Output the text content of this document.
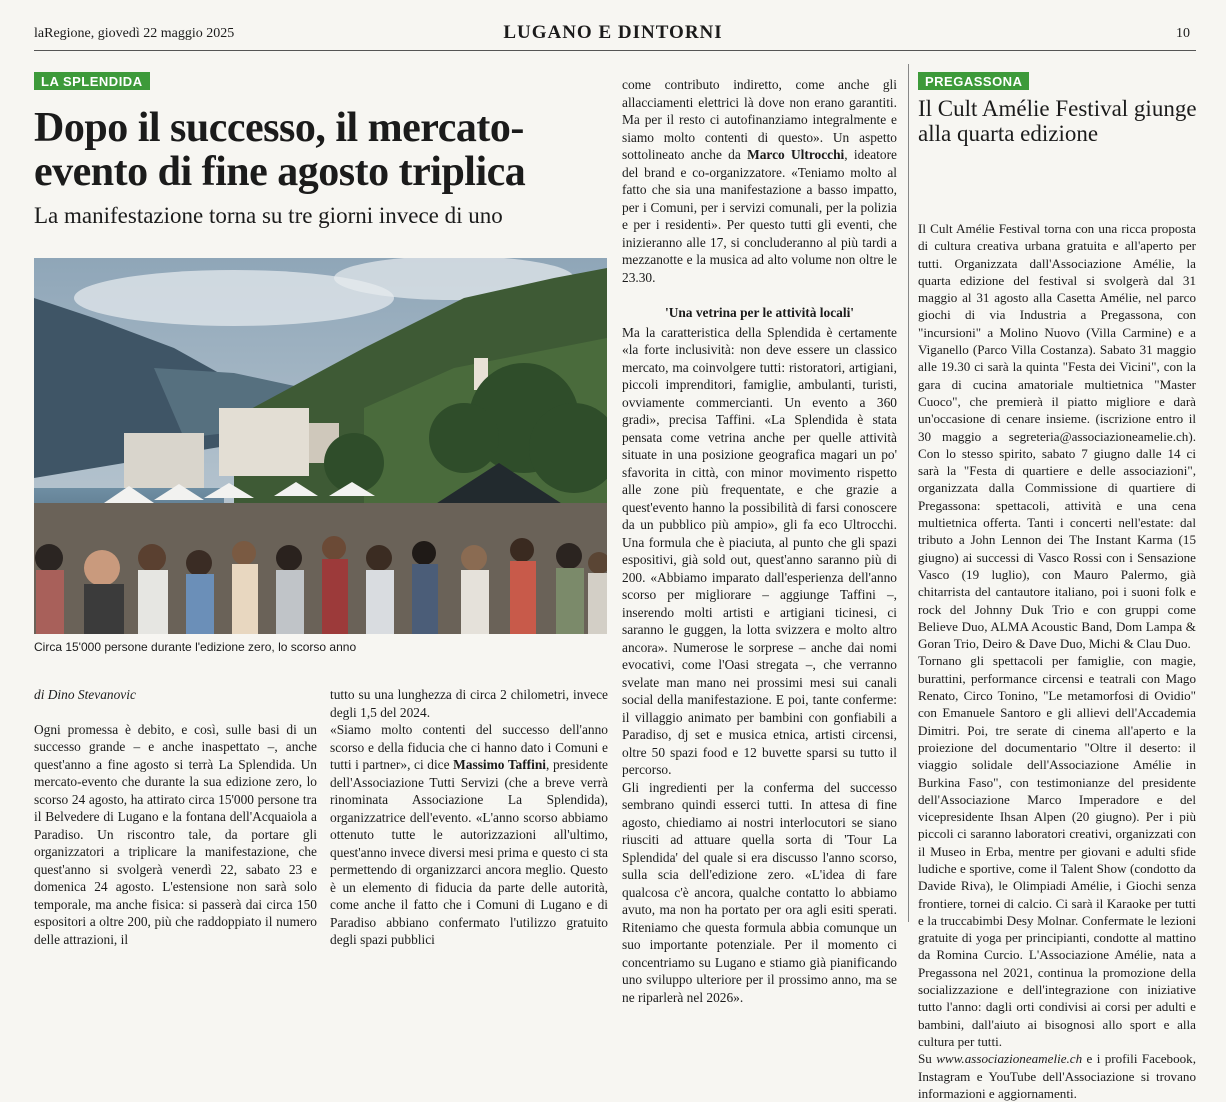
laRegione, giovedì 22 maggio 2025	LUGANO E DINTORNI	10
LA SPLENDIDA
Dopo il successo, il mercato-evento di fine agosto triplica
La manifestazione torna su tre giorni invece di uno
Circa 15'000 persone durante l'edizione zero, lo scorso anno

di Dino Stevanovic

Ogni promessa è debito, e così, sulle basi di un successo grande – e anche inaspettato –, anche quest'anno a fine agosto si terrà La Splendida. Un mercato-evento che durante la sua edizione zero, lo scorso 24 agosto, ha attirato circa 15'000 persone tra il Belvedere di Lugano e la fontana dell'Acquaiola a Paradiso. Un riscontro tale, da portare gli organizzatori a triplicare la manifestazione, che quest'anno si svolgerà venerdì 22, sabato 23 e domenica 24 agosto. L'estensione non sarà solo temporale, ma anche fisica: si passerà dai circa 150 espositori a oltre 200, più che raddoppiato il numero delle attrazioni, il

tutto su una lunghezza di circa 2 chilometri, invece degli 1,5 del 2024.

«Siamo molto contenti del successo dell'anno scorso e della fiducia che ci hanno dato i Comuni e tutti i partner», ci dice Massimo Taffini, presidente dell'Associazione Tutti Servizi (che a breve verrà rinominata Associazione La Splendida), organizzatrice dell'evento. «L'anno scorso abbiamo ottenuto tutte le autorizzazioni all'ultimo, quest'anno invece diversi mesi prima e questo ci sta permettendo di organizzarci ancora meglio. Questo è un elemento di fiducia da parte delle autorità, come anche il fatto che i Comuni di Lugano e di Paradiso abbiano confermato l'utilizzo gratuito degli spazi pubblici

come contributo indiretto, come anche gli allacciamenti elettrici là dove non erano garantiti. Ma per il resto ci autofinanziamo integralmente e siamo molto contenti di questo». Un aspetto sottolineato anche da Marco Ultrocchi, ideatore del brand e co-organizzatore. «Teniamo molto al fatto che sia una manifestazione a basso impatto, per i Comuni, per i servizi comunali, per la polizia e per i residenti». Per questo tutti gli eventi, che inizieranno alle 17, si concluderanno al più tardi a mezzanotte e la musica ad alto volume non oltre le 23.30.

'Una vetrina per le attività locali'

Ma la caratteristica della Splendida è certamente «la forte inclusività: non deve essere un classico mercato, ma coinvolgere tutti: ristoratori, artigiani, piccoli imprenditori, famiglie, ambulanti, turisti, ovviamente commercianti. Un evento a 360 gradi», precisa Taffini. «La Splendida è stata pensata come vetrina anche per quelle attività situate in una posizione geografica magari un po' sfavorita in città, con minor movimento rispetto alle zone più frequentate, e che grazie a quest'evento hanno la possibilità di farsi conoscere da un pubblico più ampio», gli fa eco Ultrocchi. Una formula che è piaciuta, al punto che gli spazi espositivi, già sold out, quest'anno saranno più di 200. «Abbiamo imparato dall'esperienza dell'anno scorso per migliorare – aggiunge Taffini –, inserendo molti artisti e artigiani ticinesi, ci saranno le guggen, la lotta svizzera e molto altro ancora». Numerose le sorprese – anche dai nomi evocativi, come l'Oasi stregata –, che verranno svelate man mano nei prossimi mesi sui canali social della manifestazione. E poi, tante conferme: il villaggio animato per bambini con gonfiabili a Paradiso, dj set e musica etnica, artisti circensi, oltre 50 spazi food e 12 buvette sparsi su tutto il percorso.

Gli ingredienti per la conferma del successo sembrano quindi esserci tutti. In attesa di fine agosto, chiediamo ai nostri interlocutori se siano riusciti ad attuare quella sorta di 'Tour La Splendida' del quale si era discusso l'anno scorso, sulla scia dell'edizione zero. «L'idea di fare qualcosa c'è ancora, qualche contatto lo abbiamo avuto, ma non ha portato per ora agli esiti sperati. Riteniamo che questa formula abbia comunque un suo importante potenziale. Per il momento ci concentriamo su Lugano e stiamo già pianificando uno sviluppo ulteriore per il prossimo anno, ma se ne riparlerà nel 2026».

PREGASSONA
Il Cult Amélie Festival giunge alla quarta edizione

Il Cult Amélie Festival torna con una ricca proposta di cultura creativa urbana gratuita e all'aperto per tutti. Organizzata dall'Associazione Amélie, la quarta edizione del festival si svolgerà dal 31 maggio al 31 agosto alla Casetta Amélie, nel parco giochi di via Industria a Pregassona, con "incursioni" a Molino Nuovo (Villa Carmine) e a Viganello (Parco Villa Costanza). Sabato 31 maggio alle 19.30 ci sarà la quinta "Festa dei Vicini", con la gara di cucina amatoriale multietnica "Master Cuoco", che premierà il piatto migliore e darà un'occasione di cenare insieme. (iscrizione entro il 30 maggio a segreteria@associazioneamelie.ch). Con lo stesso spirito, sabato 7 giugno dalle 14 ci sarà la "Festa di quartiere e delle associazioni", organizzata dalla Commissione di quartiere di Pregassona: spettacoli, attività e una cena multietnica offerta. Tanti i concerti nell'estate: dal tributo a John Lennon dei The Instant Karma (15 giugno) ai successi di Vasco Rossi con i Sensazione Vasco (19 luglio), con Mauro Palermo, già chitarrista del cantautore italiano, poi i suoni folk e rock del Johnny Duk Trio e con gruppi come Believe Duo, ALMA Acoustic Band, Dom Lampa & Goran Trio, Deiro & Dave Duo, Michi & Clau Duo.

Tornano gli spettacoli per famiglie, con magie, burattini, performance circensi e teatrali con Mago Renato, Circo Tonino, "Le metamorfosi di Ovidio" con Emanuele Santoro e gli allievi dell'Accademia Dimitri. Poi, tre serate di cinema all'aperto e la proiezione del documentario "Oltre il deserto: il viaggio solidale dell'Associazione Amélie in Burkina Faso", con testimonianze del presidente dell'Associazione Marco Imperadore e del vicepresidente Ihsan Alpen (20 giugno). Per i più piccoli ci saranno laboratori creativi, organizzati con il Museo in Erba, mentre per giovani e adulti sfide ludiche e sportive, come il Talent Show (condotto da Davide Riva), le Olimpiadi Amélie, i Giochi senza frontiere, tornei di calcio. Ci sarà il Karaoke per tutti e la truccabimbi Desy Molnar. Confermate le lezioni gratuite di yoga per principianti, condotte al mattino da Romina Curcio. L'Associazione Amélie, nata a Pregassona nel 2021, continua la promozione della socializzazione e dell'integrazione con iniziative tutto l'anno: dagli orti condivisi ai corsi per adulti e bambini, dall'aiuto ai bisognosi allo sport e alla cultura per tutti.

Su www.associazioneamelie.ch e i profili Facebook, Instagram e YouTube dell'Associazione si trovano informazioni e aggiornamenti.
